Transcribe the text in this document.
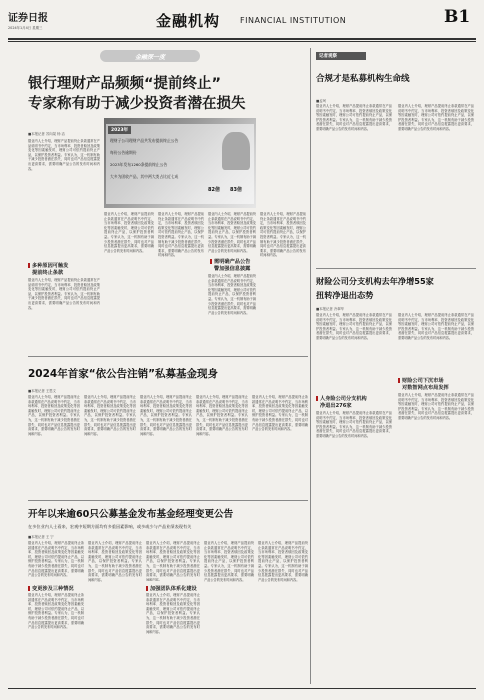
证券日报
2024年1月4日 星期三	金融机构 FINANCIAL INSTITUTION	B1
金融深一度
银行理财产品频频“提前终止”
专家称有助于减少投资者潜在损失
■本报记者 苏向杲 杨 洁
据业内人士介绍，理财产品提前终止条款通常在产品说明书中约定，当市场利率、投资者赎回及政策变化等因素触发时，理财公司可依约提前终止产品，以保护投资者利益。专家认为，这一机制有助于减少投资者潜在损失，同时也对产品信息披露提出更高要求，需要明确产品公告的发布时间和内容。
多种原因可触发
提前终止条款
据业内人士介绍，理财产品提前终止条款通常在产品说明书中约定，当市场利率、投资者赎回及政策变化等因素触发时，理财公司可依约提前终止产品，以保护投资者利益。专家认为，这一机制有助于减少投资者潜在损失，同时也对产品信息披露提出更高要求，需要明确产品公告的发布时间和内容。
2023年
理财子公司理财产品共发布提前终止公告
每份公告逾期份
2023年发布1260条提前终止公告
大多为固收产品，其中两大类占比近七成
82倍 83倍
据业内人士介绍，理财产品提前终止条款通常在产品说明书中约定，当市场利率、投资者赎回及政策变化等因素触发时，理财公司可依约提前终止产品，以保护投资者利益。专家认为，这一机制有助于减少投资者潜在损失，同时也对产品信息披露提出更高要求，需要明确产品公告的发布时间和内容。
据业内人士介绍，理财产品提前终止条款通常在产品说明书中约定，当市场利率、投资者赎回及政策变化等因素触发时，理财公司可依约提前终止产品，以保护投资者利益。专家认为，这一机制有助于减少投资者潜在损失，同时也对产品信息披露提出更高要求，需要明确产品公告的发布时间和内容。
据业内人士介绍，理财产品提前终止条款通常在产品说明书中约定，当市场利率、投资者赎回及政策变化等因素触发时，理财公司可依约提前终止产品，以保护投资者利益。专家认为，这一机制有助于减少投资者潜在损失，同时也对产品信息披露提出更高要求，需要明确产品公告的发布时间和内容。
需明确产品公告
警加强信息披露
据业内人士介绍，理财产品提前终止条款通常在产品说明书中约定，当市场利率、投资者赎回及政策变化等因素触发时，理财公司可依约提前终止产品，以保护投资者利益。专家认为，这一机制有助于减少投资者潜在损失，同时也对产品信息披露提出更高要求，需要明确产品公告的发布时间和内容。
据业内人士介绍，理财产品提前终止条款通常在产品说明书中约定，当市场利率、投资者赎回及政策变化等因素触发时，理财公司可依约提前终止产品，以保护投资者利益。专家认为，这一机制有助于减少投资者潜在损失，同时也对产品信息披露提出更高要求，需要明确产品公告的发布时间和内容。
记者观察
合规才是私募机构生命线
■孟珂
据业内人士介绍，理财产品提前终止条款通常在产品说明书中约定，当市场利率、投资者赎回及政策变化等因素触发时，理财公司可依约提前终止产品，以保护投资者利益。专家认为，这一机制有助于减少投资者潜在损失，同时也对产品信息披露提出更高要求，需要明确产品公告的发布时间和内容。
据业内人士介绍，理财产品提前终止条款通常在产品说明书中约定，当市场利率、投资者赎回及政策变化等因素触发时，理财公司可依约提前终止产品，以保护投资者利益。专家认为，这一机制有助于减少投资者潜在损失，同时也对产品信息披露提出更高要求，需要明确产品公告的发布时间和内容。
财险公司分支机构去年净增55家
扭转净退出态势
■本报记者 冷翠华
据业内人士介绍，理财产品提前终止条款通常在产品说明书中约定，当市场利率、投资者赎回及政策变化等因素触发时，理财公司可依约提前终止产品，以保护投资者利益。专家认为，这一机制有助于减少投资者潜在损失，同时也对产品信息披露提出更高要求，需要明确产品公告的发布时间和内容。
人身险公司分支机构
净退出276家
据业内人士介绍，理财产品提前终止条款通常在产品说明书中约定，当市场利率、投资者赎回及政策变化等因素触发时，理财公司可依约提前终止产品，以保护投资者利益。专家认为，这一机制有助于减少投资者潜在损失，同时也对产品信息披露提出更高要求，需要明确产品公告的发布时间和内容。
据业内人士介绍，理财产品提前终止条款通常在产品说明书中约定，当市场利率、投资者赎回及政策变化等因素触发时，理财公司可依约提前终止产品，以保护投资者利益。专家认为，这一机制有助于减少投资者潜在损失，同时也对产品信息披露提出更高要求，需要明确产品公告的发布时间和内容。
财险公司下沉市场
对数智网点布局发挥
据业内人士介绍，理财产品提前终止条款通常在产品说明书中约定，当市场利率、投资者赎回及政策变化等因素触发时，理财公司可依约提前终止产品，以保护投资者利益。专家认为，这一机制有助于减少投资者潜在损失，同时也对产品信息披露提出更高要求，需要明确产品公告的发布时间和内容。
2024年首家“依公告注销”私募基金现身
■本报记者 王思文
据业内人士介绍，理财产品提前终止条款通常在产品说明书中约定，当市场利率、投资者赎回及政策变化等因素触发时，理财公司可依约提前终止产品，以保护投资者利益。专家认为，这一机制有助于减少投资者潜在损失，同时也对产品信息披露提出更高要求，需要明确产品公告的发布时间和内容。
据业内人士介绍，理财产品提前终止条款通常在产品说明书中约定，当市场利率、投资者赎回及政策变化等因素触发时，理财公司可依约提前终止产品，以保护投资者利益。专家认为，这一机制有助于减少投资者潜在损失，同时也对产品信息披露提出更高要求，需要明确产品公告的发布时间和内容。
据业内人士介绍，理财产品提前终止条款通常在产品说明书中约定，当市场利率、投资者赎回及政策变化等因素触发时，理财公司可依约提前终止产品，以保护投资者利益。专家认为，这一机制有助于减少投资者潜在损失，同时也对产品信息披露提出更高要求，需要明确产品公告的发布时间和内容。
据业内人士介绍，理财产品提前终止条款通常在产品说明书中约定，当市场利率、投资者赎回及政策变化等因素触发时，理财公司可依约提前终止产品，以保护投资者利益。专家认为，这一机制有助于减少投资者潜在损失，同时也对产品信息披露提出更高要求，需要明确产品公告的发布时间和内容。
据业内人士介绍，理财产品提前终止条款通常在产品说明书中约定，当市场利率、投资者赎回及政策变化等因素触发时，理财公司可依约提前终止产品，以保护投资者利益。专家认为，这一机制有助于减少投资者潜在损失，同时也对产品信息披露提出更高要求，需要明确产品公告的发布时间和内容。
开年以来逾60只公募基金发布基金经理变更公告
在多位业内人士看来，宏观中短期方面均有多重因素影响，或多或少与产品业绩表现有关
■本报记者 王 宁
据业内人士介绍，理财产品提前终止条款通常在产品说明书中约定，当市场利率、投资者赎回及政策变化等因素触发时，理财公司可依约提前终止产品，以保护投资者利益。专家认为，这一机制有助于减少投资者潜在损失，同时也对产品信息披露提出更高要求，需要明确产品公告的发布时间和内容。
变更涉及三种情况
据业内人士介绍，理财产品提前终止条款通常在产品说明书中约定，当市场利率、投资者赎回及政策变化等因素触发时，理财公司可依约提前终止产品，以保护投资者利益。专家认为，这一机制有助于减少投资者潜在损失，同时也对产品信息披露提出更高要求，需要明确产品公告的发布时间和内容。
据业内人士介绍，理财产品提前终止条款通常在产品说明书中约定，当市场利率、投资者赎回及政策变化等因素触发时，理财公司可依约提前终止产品，以保护投资者利益。专家认为，这一机制有助于减少投资者潜在损失，同时也对产品信息披露提出更高要求，需要明确产品公告的发布时间和内容。
据业内人士介绍，理财产品提前终止条款通常在产品说明书中约定，当市场利率、投资者赎回及政策变化等因素触发时，理财公司可依约提前终止产品，以保护投资者利益。专家认为，这一机制有助于减少投资者潜在损失，同时也对产品信息披露提出更高要求，需要明确产品公告的发布时间和内容。
加强团队体系化建设
据业内人士介绍，理财产品提前终止条款通常在产品说明书中约定，当市场利率、投资者赎回及政策变化等因素触发时，理财公司可依约提前终止产品，以保护投资者利益。专家认为，这一机制有助于减少投资者潜在损失，同时也对产品信息披露提出更高要求，需要明确产品公告的发布时间和内容。
据业内人士介绍，理财产品提前终止条款通常在产品说明书中约定，当市场利率、投资者赎回及政策变化等因素触发时，理财公司可依约提前终止产品，以保护投资者利益。专家认为，这一机制有助于减少投资者潜在损失，同时也对产品信息披露提出更高要求，需要明确产品公告的发布时间和内容。
据业内人士介绍，理财产品提前终止条款通常在产品说明书中约定，当市场利率、投资者赎回及政策变化等因素触发时，理财公司可依约提前终止产品，以保护投资者利益。专家认为，这一机制有助于减少投资者潜在损失，同时也对产品信息披露提出更高要求，需要明确产品公告的发布时间和内容。
